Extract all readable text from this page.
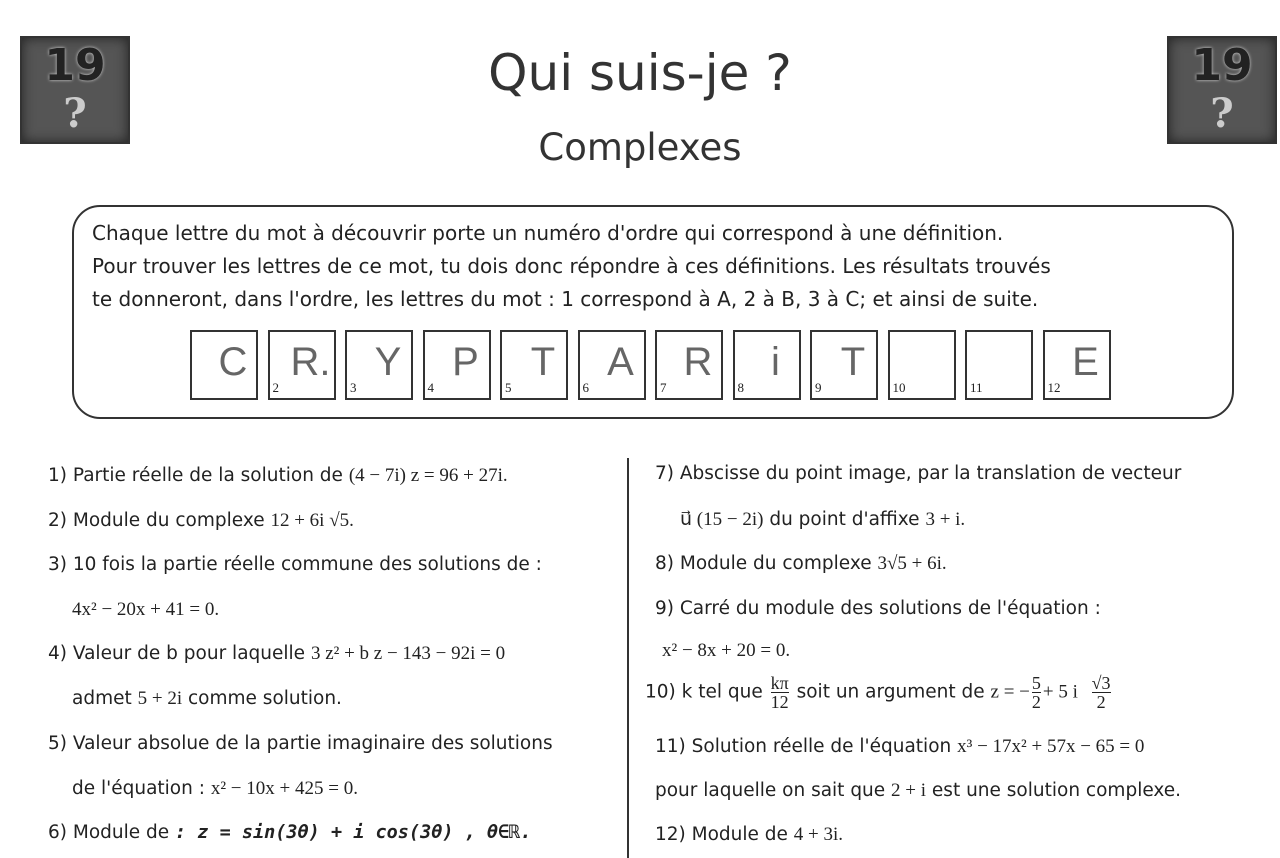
19
?
19
?
Qui suis-je ?
Complexes

Chaque lettre du mot à découvrir porte un numéro d'ordre qui correspond à une définition.

Pour trouver les lettres de ce mot, tu dois donc répondre à ces définitions. Les résultats trouvés

te donneront, dans l'ordre, les lettres du mot : 1 correspond à A, 2 à B, 3 à C; et ainsi de suite.

C
2
R.
3
Y
4
P
5
T
6
A
7
R
8
i
9
T
10	11	12
E
1) Partie réelle de la solution de (4 − 7i) z = 96 + 27i.
2) Module du complexe 12 + 6i √5.
3) 10 fois la partie réelle commune des solutions de :
4x² − 20x + 41 = 0.
4) Valeur de b pour laquelle 3 z² + b z − 143 − 92i = 0
admet 5 + 2i comme solution.
5) Valeur absolue de la partie imaginaire des solutions
de l'équation : x² − 10x + 425 = 0.
6) Module de : z = sin(3θ) + i cos(3θ) , θ∈ℝ.
7) Abscisse du point image, par la translation de vecteur
u⃗ (15 − 2i) du point d'affixe 3 + i.
8) Module du complexe 3√5 + 6i.
9) Carré du module des solutions de l'équation :
x² − 8x + 20 = 0.
10) k tel que $\frac{k\pi}{12}$ soit un argument de z = − $\frac{5}{2} + 5$ i $\frac{√3}{2}$
11) Solution réelle de l'équation x³ − 17x² + 57x − 65 = 0
pour laquelle on sait que 2 + i est une solution complexe.
12) Module de 4 + 3i.
